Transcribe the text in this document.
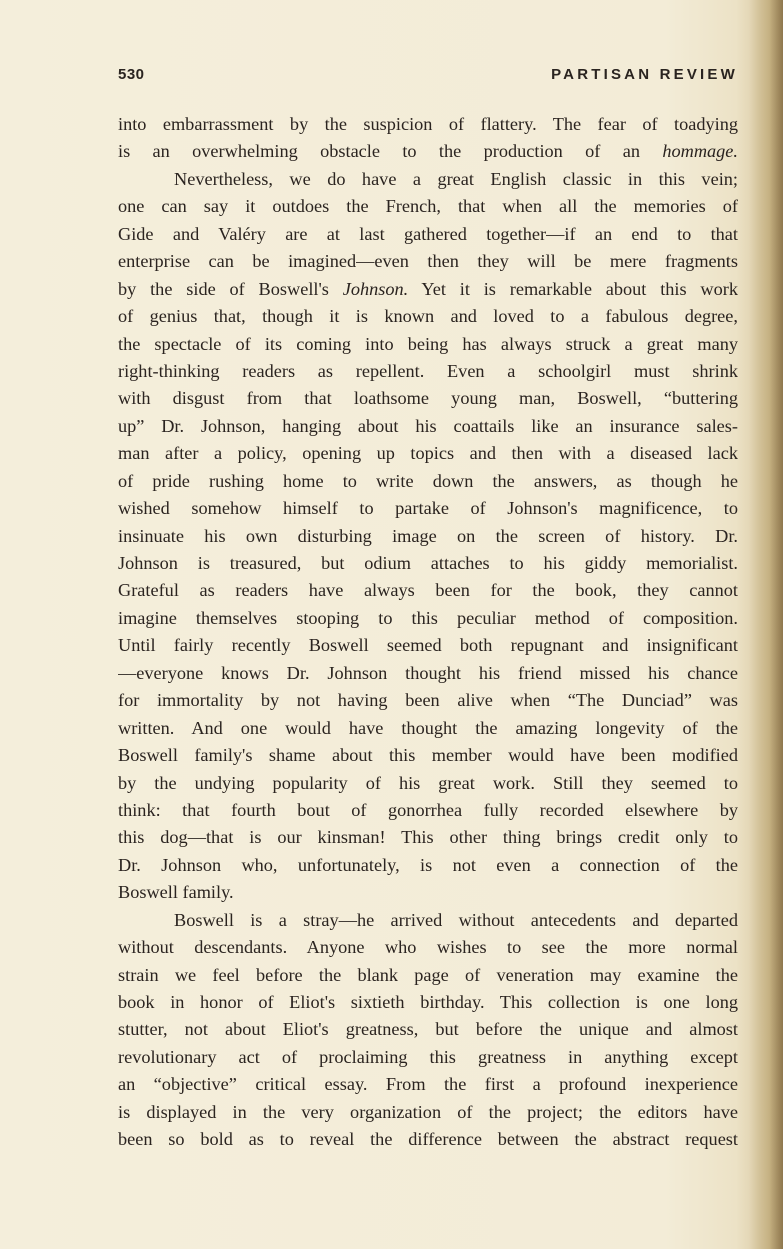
530	PARTISAN REVIEW
into embarrassment by the suspicion of flattery. The fear of toadying
is an overwhelming obstacle to the production of an hommage.
Nevertheless, we do have a great English classic in this vein;
one can say it outdoes the French, that when all the memories of
Gide and Valéry are at last gathered together—if an end to that
enterprise can be imagined—even then they will be mere fragments
by the side of Boswell's Johnson. Yet it is remarkable about this work
of genius that, though it is known and loved to a fabulous degree,
the spectacle of its coming into being has always struck a great many
right-thinking readers as repellent. Even a schoolgirl must shrink
with disgust from that loathsome young man, Boswell, “buttering
up” Dr. Johnson, hanging about his coattails like an insurance sales-
man after a policy, opening up topics and then with a diseased lack
of pride rushing home to write down the answers, as though he
wished somehow himself to partake of Johnson's magnificence, to
insinuate his own disturbing image on the screen of history. Dr.
Johnson is treasured, but odium attaches to his giddy memorialist.
Grateful as readers have always been for the book, they cannot
imagine themselves stooping to this peculiar method of composition.
Until fairly recently Boswell seemed both repugnant and insignificant
—everyone knows Dr. Johnson thought his friend missed his chance
for immortality by not having been alive when “The Dunciad” was
written. And one would have thought the amazing longevity of the
Boswell family's shame about this member would have been modified
by the undying popularity of his great work. Still they seemed to
think: that fourth bout of gonorrhea fully recorded elsewhere by
this dog—that is our kinsman! This other thing brings credit only to
Dr. Johnson who, unfortunately, is not even a connection of the
Boswell family.
Boswell is a stray—he arrived without antecedents and departed
without descendants. Anyone who wishes to see the more normal
strain we feel before the blank page of veneration may examine the
book in honor of Eliot's sixtieth birthday. This collection is one long
stutter, not about Eliot's greatness, but before the unique and almost
revolutionary act of proclaiming this greatness in anything except
an “objective” critical essay. From the first a profound inexperience
is displayed in the very organization of the project; the editors have
been so bold as to reveal the difference between the abstract request
